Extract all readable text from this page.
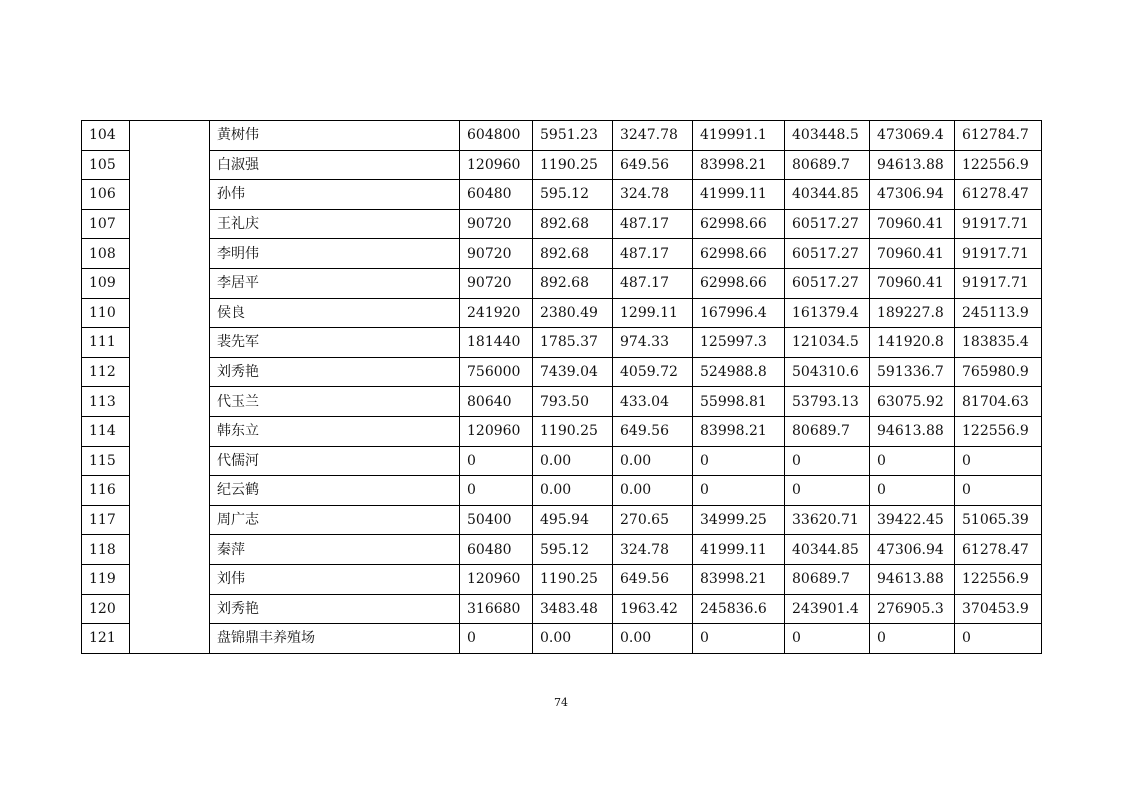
104		黄树伟	604800	5951.23	3247.78	419991.1	403448.5	473069.4	612784.7
105		白淑强	120960	1190.25	649.56	83998.21	80689.7	94613.88	122556.9
106		孙伟	60480	595.12	324.78	41999.11	40344.85	47306.94	61278.47
107		王礼庆	90720	892.68	487.17	62998.66	60517.27	70960.41	91917.71
108		李明伟	90720	892.68	487.17	62998.66	60517.27	70960.41	91917.71
109		李居平	90720	892.68	487.17	62998.66	60517.27	70960.41	91917.71
110		侯良	241920	2380.49	1299.11	167996.4	161379.4	189227.8	245113.9
111		裴先军	181440	1785.37	974.33	125997.3	121034.5	141920.8	183835.4
112		刘秀艳	756000	7439.04	4059.72	524988.8	504310.6	591336.7	765980.9
113		代玉兰	80640	793.50	433.04	55998.81	53793.13	63075.92	81704.63
114		韩东立	120960	1190.25	649.56	83998.21	80689.7	94613.88	122556.9
115		代儒河	0	0.00	0.00	0	0	0	0
116		纪云鹤	0	0.00	0.00	0	0	0	0
117		周广志	50400	495.94	270.65	34999.25	33620.71	39422.45	51065.39
118		秦萍	60480	595.12	324.78	41999.11	40344.85	47306.94	61278.47
119		刘伟	120960	1190.25	649.56	83998.21	80689.7	94613.88	122556.9
120		刘秀艳	316680	3483.48	1963.42	245836.6	243901.4	276905.3	370453.9
121		盘锦鼎丰养殖场	0	0.00	0.00	0	0	0	0
74
